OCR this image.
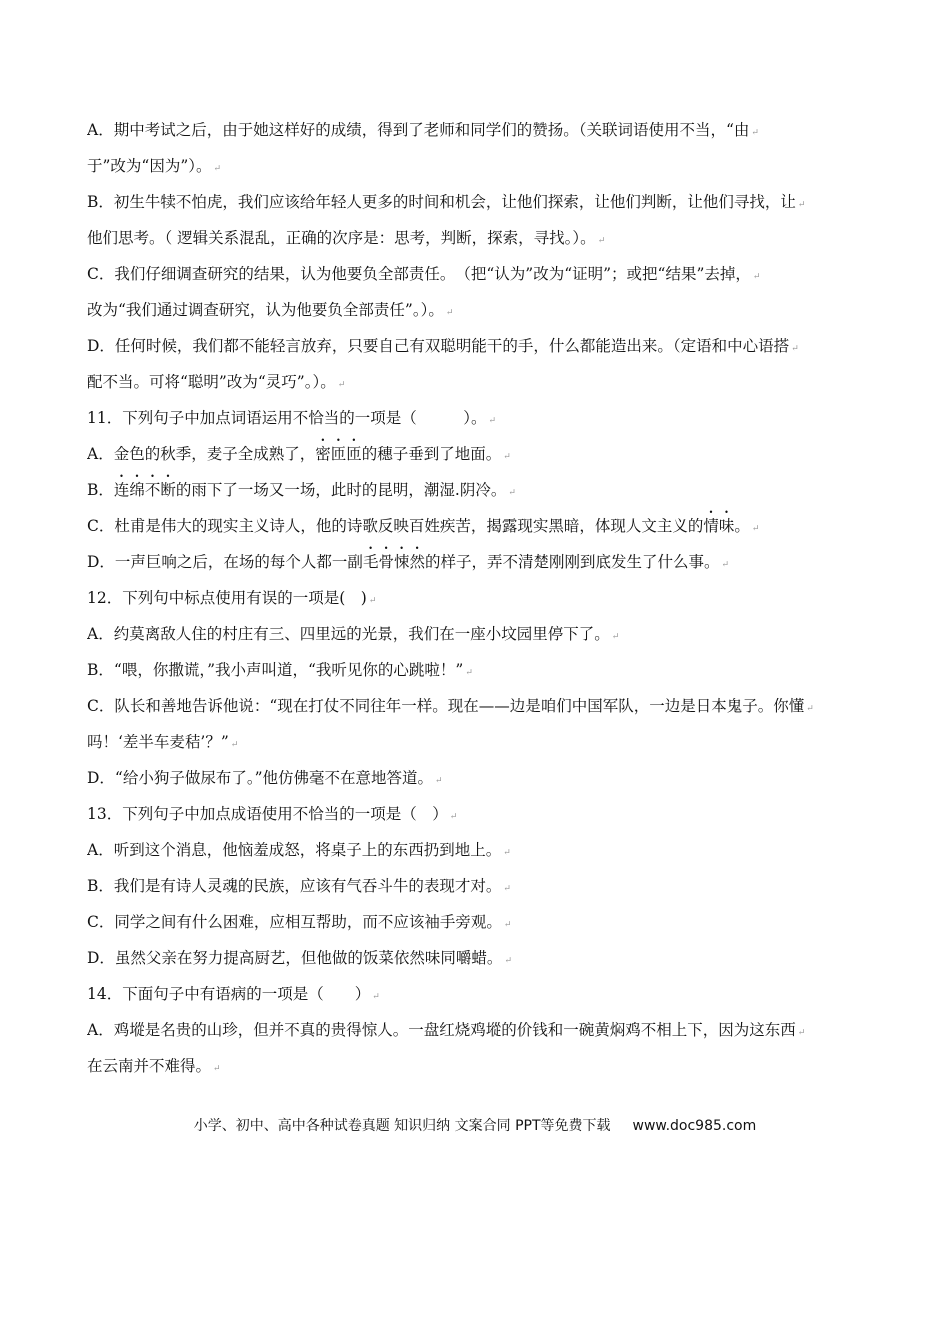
A．期中考试之后，由于她这样好的成绩，得到了老师和同学们的赞扬。（关联词语使用不当，“由 ↵
于”改为“因为”）。 ↵
B．初生牛犊不怕虎，我们应该给年轻人更多的时间和机会，让他们探索，让他们判断，让他们寻找，让 ↵
他们思考。（ 逻辑关系混乱，正确的次序是：思考，判断，探索，寻找。）。 ↵
C．我们仔细调查研究的结果，认为他要负全部责任。　（把“认为”改为“证明”；或把“结果”去掉， ↵
改为“我们通过调查研究，认为他要负全部责任”。）。 ↵
D．任何时候，我们都不能轻言放弃，只要自己有双聪明能干的手，什么都能造出来。（定语和中心语搭 ↵
配不当。可将“聪明”改为“灵巧”。）。 ↵
11．下列句子中加点词语运用不恰当的一项是（　　　）。 ↵
A．金色的秋季，麦子全成熟了，密匝匝的穗子垂到了地面。 ↵
B．连绵不断的雨下了一场又一场，此时的昆明，潮湿.阴冷。 ↵
C．杜甫是伟大的现实主义诗人，他的诗歌反映百姓疾苦，揭露现实黑暗，体现人文主义的情味。 ↵
D．一声巨响之后，在场的每个人都一副毛骨悚然的样子，弄不清楚刚刚到底发生了什么事。 ↵
12．下列句中标点使用有误的一项是(　) ↵
A．约莫离敌人住的村庄有三、四里远的光景，我们在一座小坟园里停下了。 ↵
B．“喂，你撒谎，”我小声叫道，“我听见你的心跳啦！” ↵
C．队长和善地告诉他说：“现在打仗不同往年一样。现在——边是咱们中国军队，一边是日本鬼子。你懂 ↵
吗！‘差半车麦秸’？” ↵
D．“给小狗子做尿布了。”他仿佛毫不在意地答道。 ↵
13．下列句子中加点成语使用不恰当的一项是（　） ↵
A．听到这个消息，他恼羞成怒，将桌子上的东西扔到地上。 ↵
B．我们是有诗人灵魂的民族，应该有气吞斗牛的表现才对。 ↵
C．同学之间有什么困难，应相互帮助，而不应该袖手旁观。 ↵
D．虽然父亲在努力提高厨艺，但他做的饭菜依然味同嚼蜡。 ↵
14．下面句子中有语病的一项是（　　） ↵
A．鸡㙡是名贵的山珍，但并不真的贵得惊人。一盘红烧鸡㙡的价钱和一碗黄焖鸡不相上下，因为这东西 ↵
在云南并不难得。 ↵
小学、初中、高中各种试卷真题 知识归纳 文案合同 PPT等免费下载 www.doc985.com
